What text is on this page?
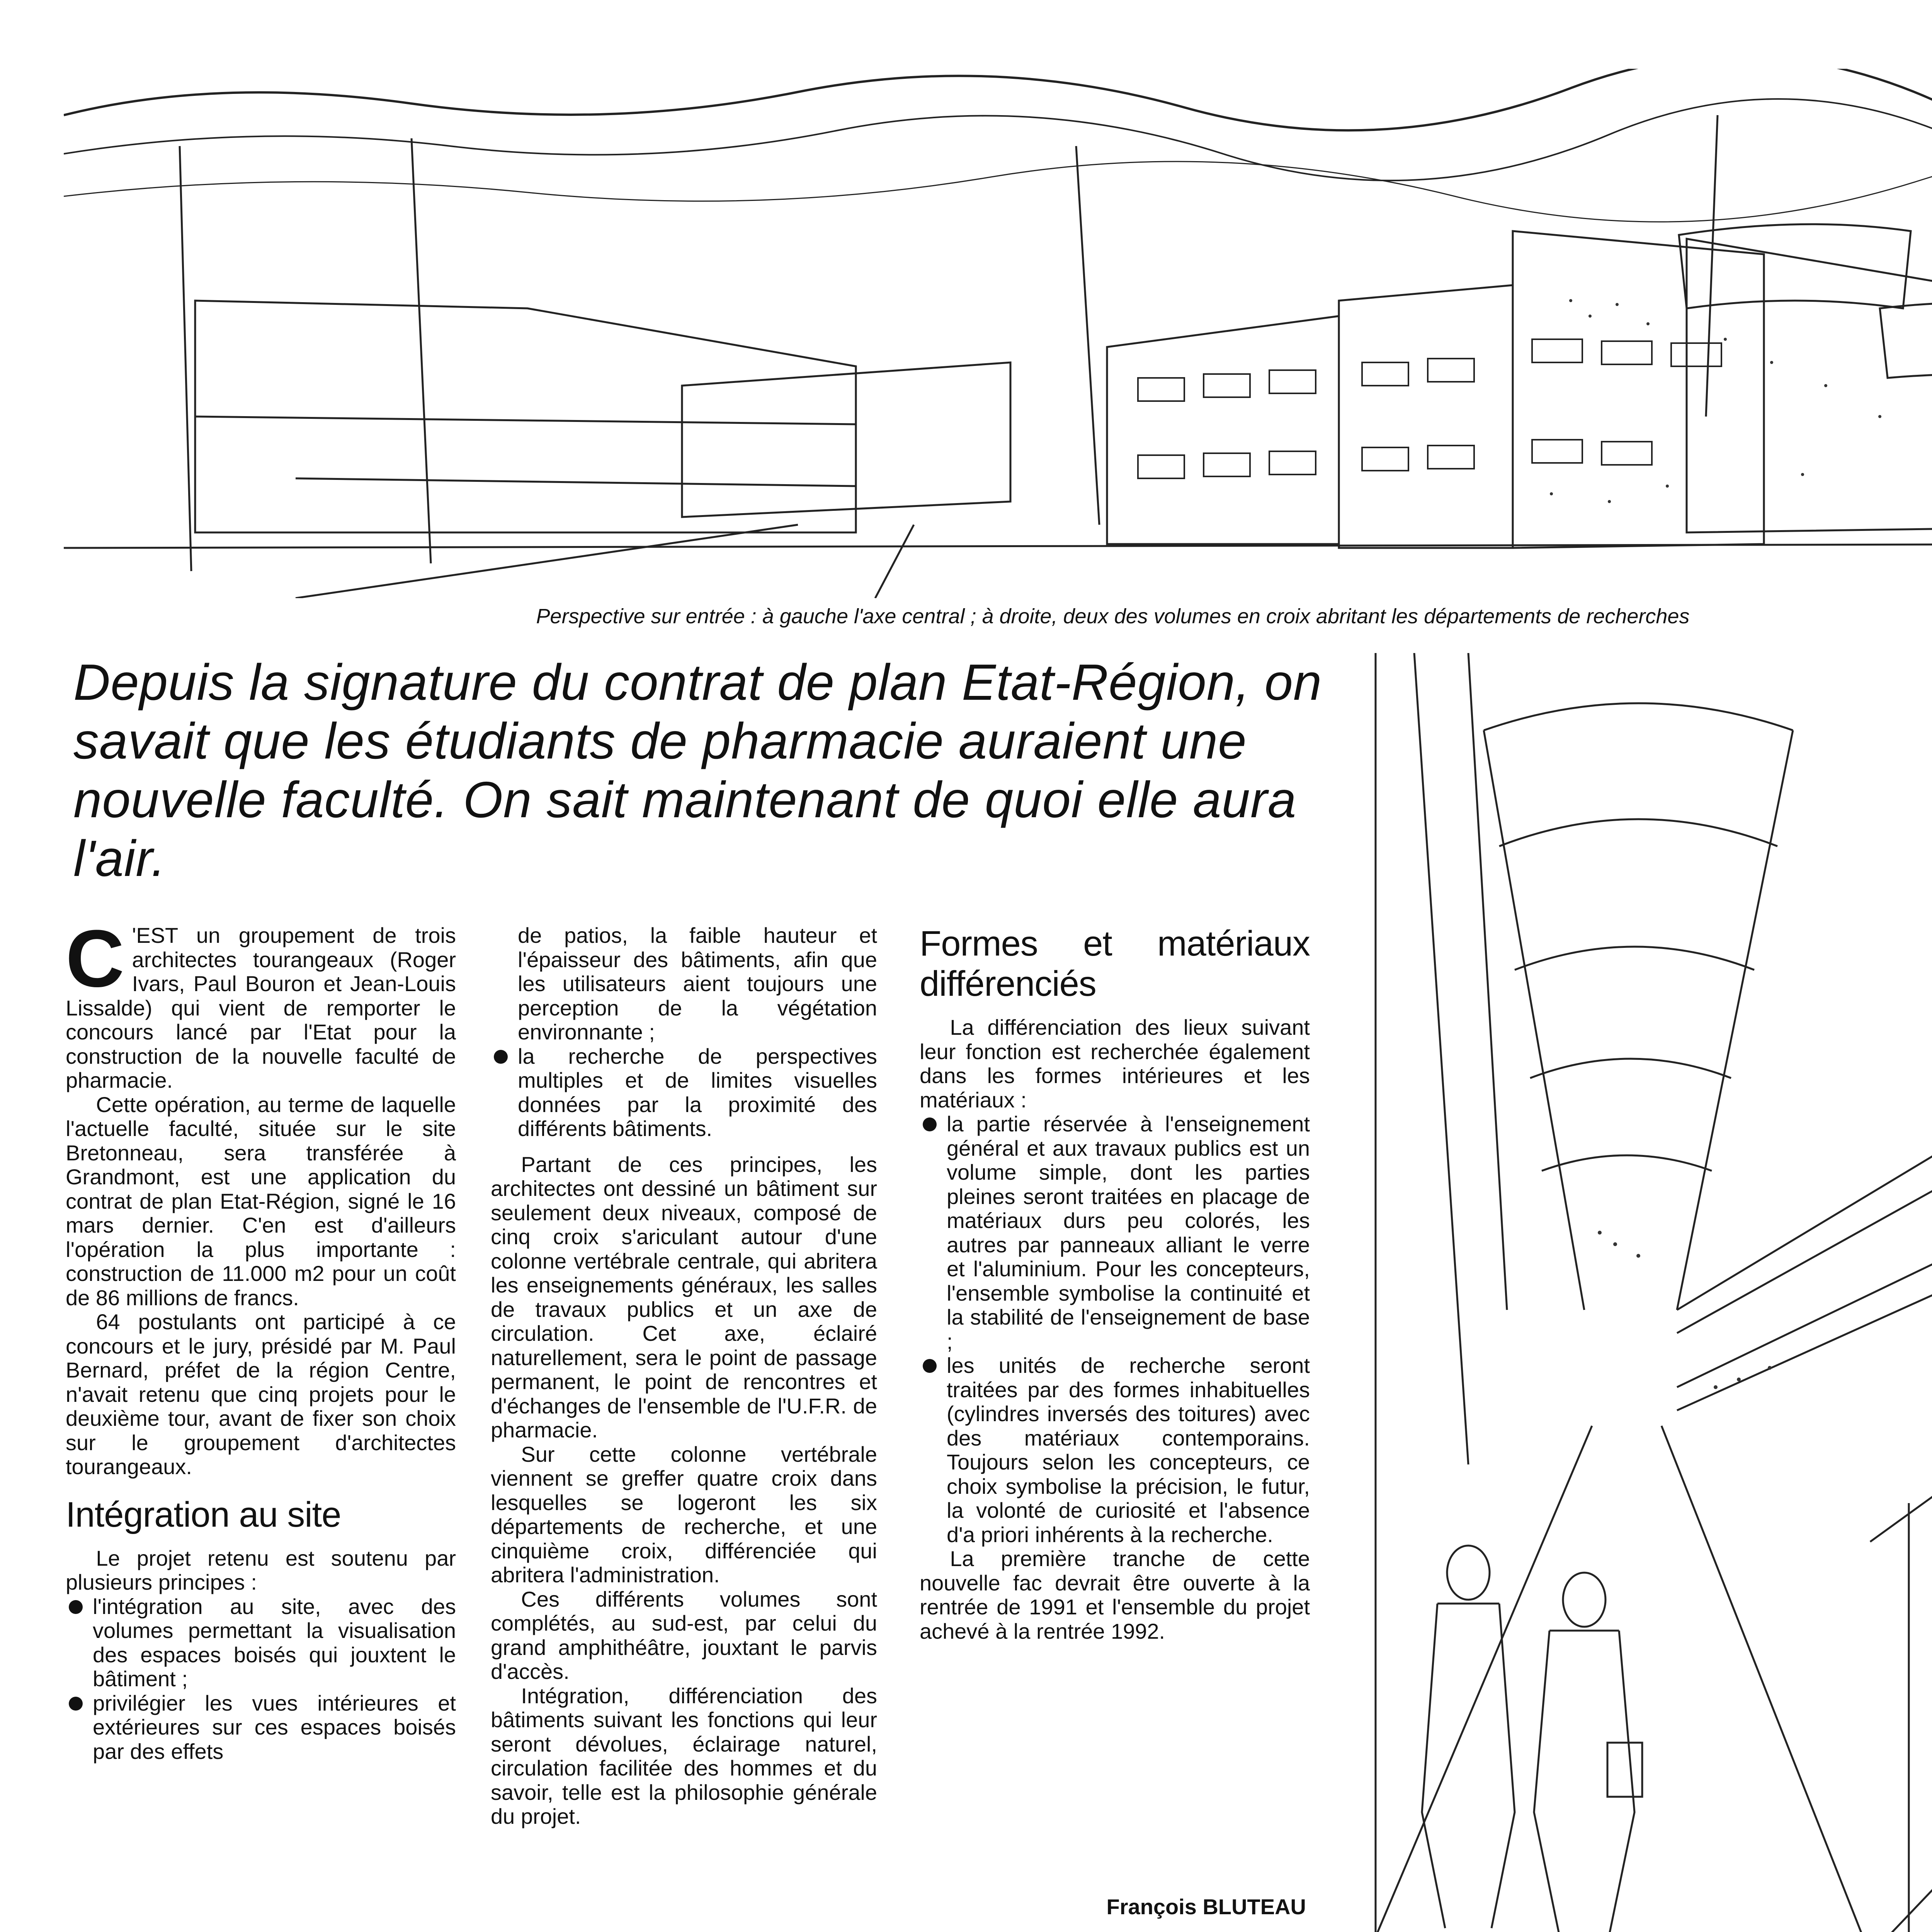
Perspective sur entrée : à gauche l'axe central ; à droite, deux des volumes en croix abritant les départements de recherches
Depuis la signature du contrat de plan Etat-Région, on savait que les étudiants de pharmacie auraient une nouvelle faculté. On sait maintenant de quoi elle aura l'air.

C 'EST un groupement de trois architectes tourangeaux (Roger Ivars, Paul Bouron et Jean-Louis Lissalde) qui vient de remporter le concours lancé par l'Etat pour la construction de la nouvelle faculté de pharmacie.

Cette opération, au terme de laquelle l'actuelle faculté, située sur le site Bretonneau, sera transférée à Grandmont, est une application du contrat de plan Etat-Région, signé le 16 mars dernier. C'en est d'ailleurs l'opération la plus importante : construction de 11.000 m2 pour un coût de 86 millions de francs.

64 postulants ont participé à ce concours et le jury, présidé par M. Paul Bernard, préfet de la région Centre, n'avait retenu que cinq projets pour le deuxième tour, avant de fixer son choix sur le groupement d'architectes tourangeaux.

Intégration au site

Le projet retenu est soutenu par plusieurs principes :

l'intégration au site, avec des volumes permettant la visualisation des espaces boisés qui jouxtent le bâtiment ;
privilégier les vues intérieures et extérieures sur ces espaces boisés par des effets

de patios, la faible hauteur et l'épaisseur des bâtiments, afin que les utilisateurs aient toujours une perception de la végétation environnante ;

la recherche de perspectives multiples et de limites visuelles données par la proximité des différents bâtiments.

Partant de ces principes, les architectes ont dessiné un bâtiment sur seulement deux niveaux, composé de cinq croix s'ariculant autour d'une colonne vertébrale centrale, qui abritera les enseignements généraux, les salles de travaux publics et un axe de circulation. Cet axe, éclairé naturellement, sera le point de passage permanent, le point de rencontres et d'échanges de l'ensemble de l'U.F.R. de pharmacie.

Sur cette colonne vertébrale viennent se greffer quatre croix dans lesquelles se logeront les six départements de recherche, et une cinquième croix, différenciée qui abritera l'administration.

Ces différents volumes sont complétés, au sud-est, par celui du grand amphithéâtre, jouxtant le parvis d'accès.

Intégration, différenciation des bâtiments suivant les fonctions qui leur seront dévolues, éclairage naturel, circulation facilitée des hommes et du savoir, telle est la philosophie générale du projet.

Formes et matériaux différenciés

La différenciation des lieux suivant leur fonction est recherchée également dans les formes intérieures et les matériaux :

la partie réservée à l'enseignement général et aux travaux publics est un volume simple, dont les parties pleines seront traitées en placage de matériaux durs peu colorés, les autres par panneaux alliant le verre et l'aluminium. Pour les concepteurs, l'ensemble symbolise la continuité et la stabilité de l'enseignement de base ;
les unités de recherche seront traitées par des formes inhabituelles (cylindres inversés des toitures) avec des matériaux contemporains. Toujours selon les concepteurs, ce choix symbolise la précision, le futur, la volonté de curiosité et l'absence d'a priori inhérents à la recherche.

La première tranche de cette nouvelle fac devrait être ouverte à la rentrée de 1991 et l'ensemble du projet achevé à la rentrée 1992.

François BLUTEAU
